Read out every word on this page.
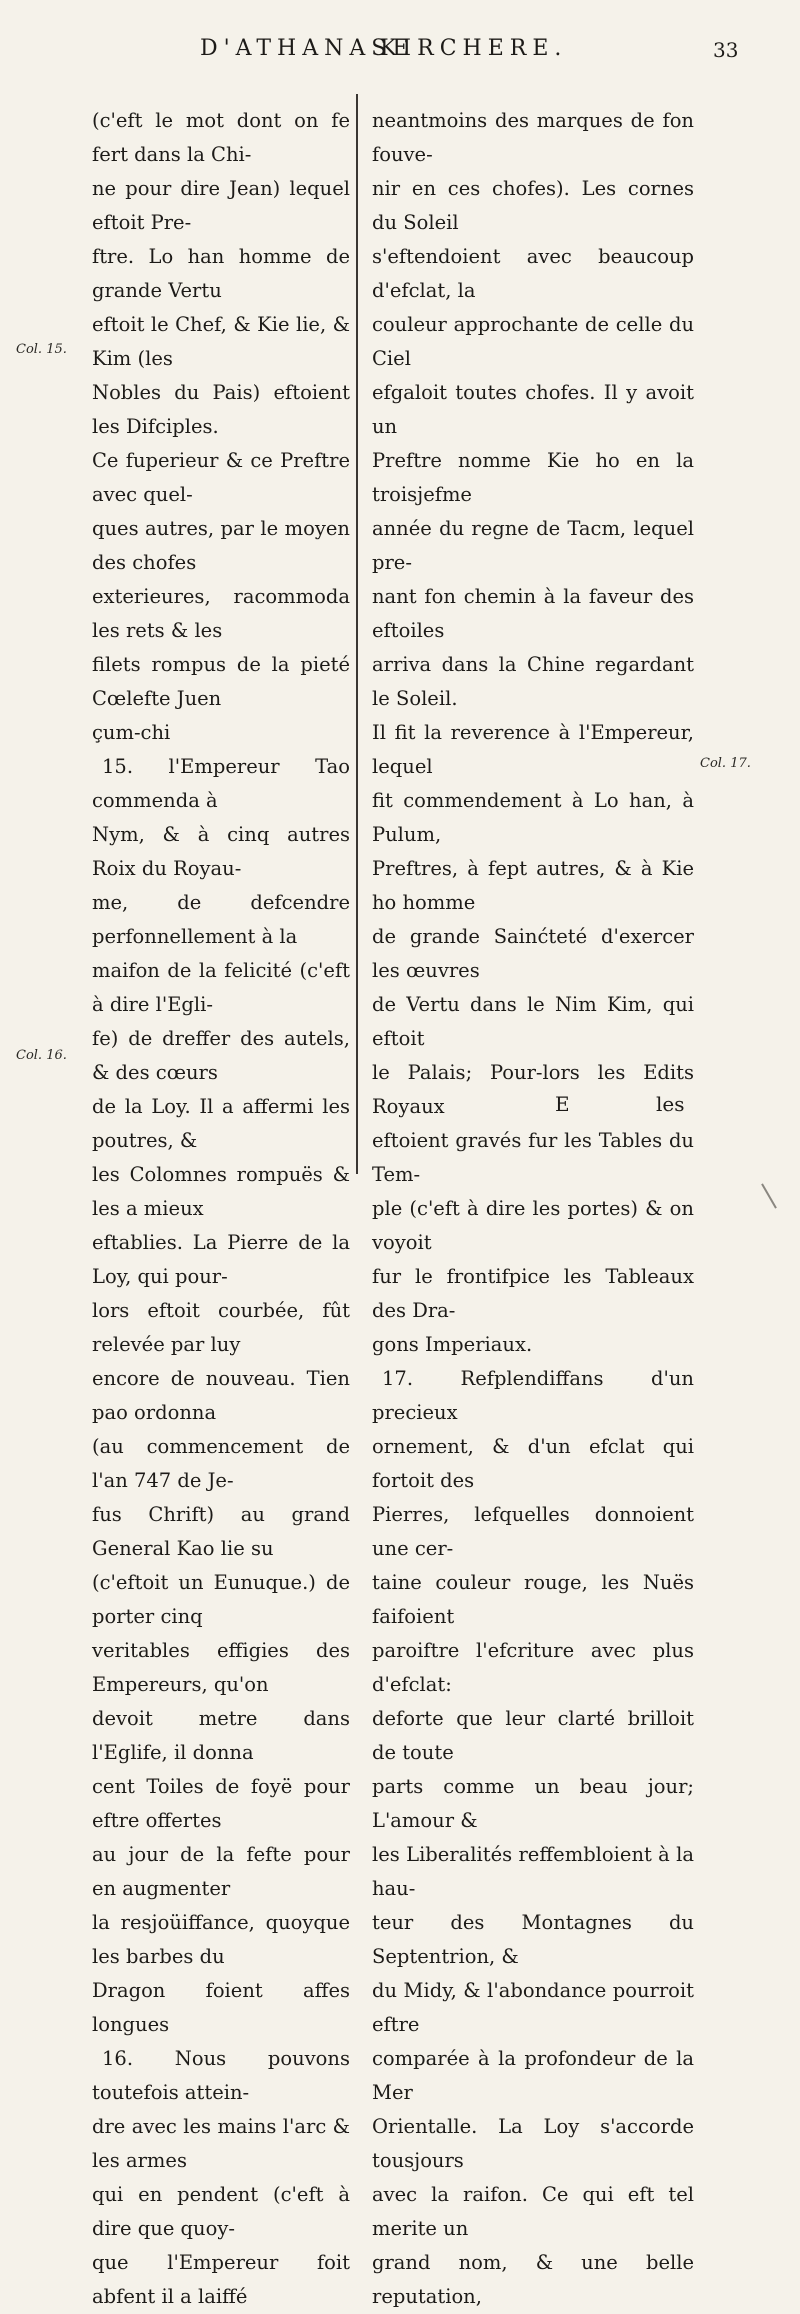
D'ATHANASE
KIRCHERE.	33
Col. 15.
Col. 16.
Col. 17.

(c'eft le mot dont on fe fert dans la Chi-

ne pour dire Jean) lequel eftoit Pre-

ftre. Lo han homme de grande Vertu

eftoit le Chef, & Kie lie, & Kim (les

Nobles du Pais) eftoient les Difciples.

Ce fuperieur & ce Preftre avec quel-

ques autres, par le moyen des chofes

exterieures, racommoda les rets & les

filets rompus de la pieté Cœlefte Juen

çum-chi

15. l'Empereur Tao commenda à

Nym, & à cinq autres Roix du Royau-

me, de defcendre perfonnellement à la

maifon de la felicité (c'eft à dire l'Egli-

fe) de dreffer des autels, & des cœurs

de la Loy. Il a affermi les poutres, &

les Colomnes rompuës & les a mieux

eftablies. La Pierre de la Loy, qui pour-

lors eftoit courbée, fût relevée par luy

encore de nouveau. Tien pao ordonna

(au commencement de l'an 747 de Je-

fus Chrift) au grand General Kao lie su

(c'eftoit un Eunuque.) de porter cinq

veritables effigies des Empereurs, qu'on

devoit metre dans l'Eglife, il donna

cent Toiles de foyë pour eftre offertes

au jour de la fefte pour en augmenter

la resjoüiffance, quoyque les barbes du

Dragon foient affes longues

16. Nous pouvons toutefois attein-

dre avec les mains l'arc & les armes

qui en pendent (c'eft à dire que quoy-

que l'Empereur foit abfent il a laiffé

neantmoins des marques de fon fouve-

nir en ces chofes). Les cornes du Soleil

s'eftendoient avec beaucoup d'efclat, la

couleur approchante de celle du Ciel

efgaloit toutes chofes. Il y avoit un

Preftre nomme Kie ho en la troisjefme

année du regne de Tacm, lequel pre-

nant fon chemin à la faveur des eftoiles

arriva dans la Chine regardant le Soleil.

Il fit la reverence à l'Empereur, lequel

fit commendement à Lo han, à Pulum,

Preftres, à fept autres, & à Kie ho homme

de grande Sainćteté d'exercer les œuvres

de Vertu dans le Nim Kim, qui eftoit

le Palais; Pour-lors les Edits Royaux

eftoient gravés fur les Tables du Tem-

ple (c'eft à dire les portes) & on voyoit

fur le frontifpice les Tableaux des Dra-

gons Imperiaux.

17. Refplendiffans d'un precieux

ornement, & d'un efclat qui fortoit des

Pierres, lefquelles donnoient une cer-

taine couleur rouge, les Nuës faifoient

paroiftre l'efcriture avec plus d'efclat:

deforte que leur clarté brilloit de toute

parts comme un beau jour; L'amour &

les Liberalités reffembloient à la hau-

teur des Montagnes du Septentrion, &

du Midy, & l'abondance pourroit eftre

comparée à la profondeur de la Mer

Orientalle. La Loy s'accorde tousjours

avec la raifon. Ce qui eft tel merite un

grand nom, & une belle reputation,

E	les
